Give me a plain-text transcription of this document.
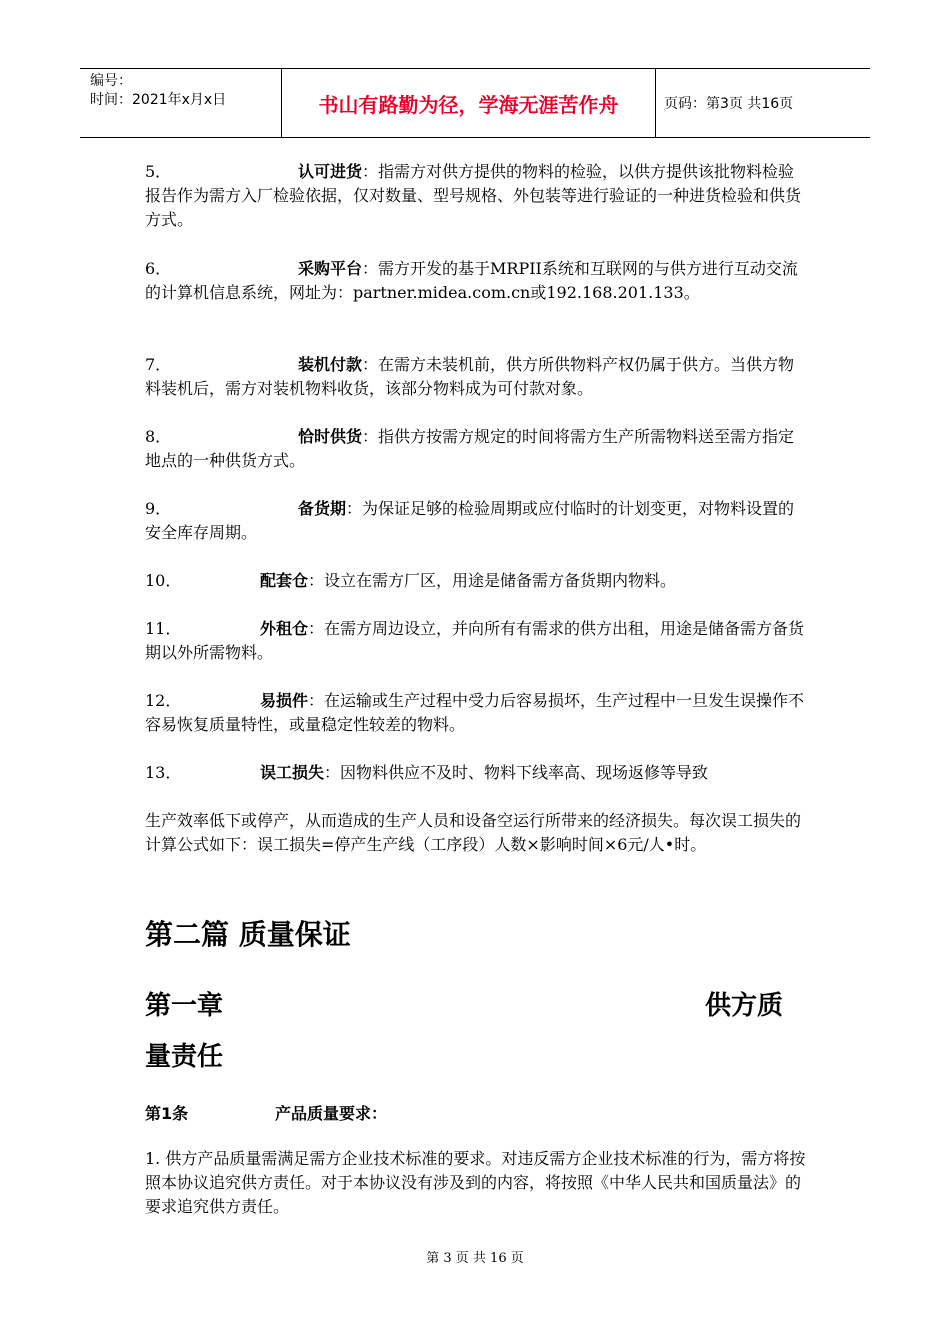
编号：
时间：2021年x月x日	书山有路勤为径，学海无涯苦作舟	页码：第3页 共16页
5．	认可进货：指需方对供方提供的物料的检验，以供方提供该批物料检验报告作为需方入厂检验依据，仅对数量、型号规格、外包装等进行验证的一种进货检验和供货方式。
6．	采购平台：需方开发的基于MRPII系统和互联网的与供方进行互动交流的计算机信息系统，网址为：partner.midea.com.cn或192.168.201.133。
7．	装机付款：在需方未装机前，供方所供物料产权仍属于供方。当供方物料装机后，需方对装机物料收货，该部分物料成为可付款对象。
8．	恰时供货：指供方按需方规定的时间将需方生产所需物料送至需方指定地点的一种供货方式。
9．	备货期：为保证足够的检验周期或应付临时的计划变更，对物料设置的安全库存周期。
10．	配套仓：设立在需方厂区，用途是储备需方备货期内物料。
11．	外租仓：在需方周边设立，并向所有有需求的供方出租，用途是储备需方备货期以外所需物料。
12．	易损件：在运输或生产过程中受力后容易损坏，生产过程中一旦发生误操作不容易恢复质量特性，或量稳定性较差的物料。
13．	误工损失：因物料供应不及时、物料下线率高、现场返修等导致
生产效率低下或停产，从而造成的生产人员和设备空运行所带来的经济损失。每次误工损失的计算公式如下：误工损失=停产生产线（工序段）人数×影响时间×6元/人•时。
第二篇 质量保证
第一章	供方质
量责任
第1条	产品质量要求：
1. 供方产品质量需满足需方企业技术标准的要求。对违反需方企业技术标准的行为，需方将按照本协议追究供方责任。对于本协议没有涉及到的内容，将按照《中华人民共和国质量法》的要求追究供方责任。
第 3 页 共 16 页
